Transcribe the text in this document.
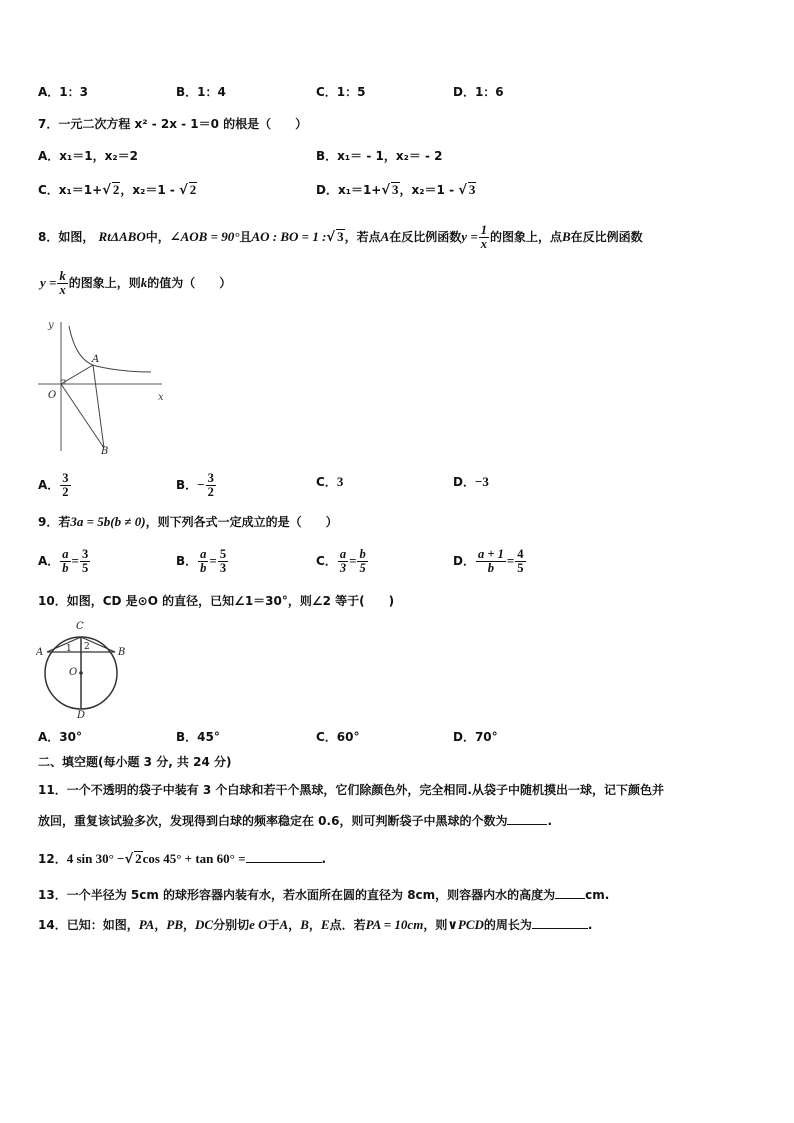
A．1：3	B．1：4	C．1：5	D．1：6
7．一元二次方程 x² - 2x - 1＝0 的根是（　　）
A．x₁＝1，x₂＝2	B．x₁＝ - 1，x₂＝ - 2
C．x₁＝1+√ 2，x₂＝1 - √ 2	D．x₁＝1+√ 3，x₂＝1 - √ 3
8．如图， RtΔABO中，∠AOB = 90°且AO : BO = 1 :√ 3，若点A在反比例函数$y = \frac{1}{x}$ 的图象上，点B在反比例函数
$y = \frac{k}{x}$ 的图象上，则k的值为（　　）
y
x
O
A
B
A． $\frac{3}{2}$	B．− $\frac{3}{2}$	C．3	D．−3
9．若3a = 5b(b ≠ 0)，则下列各式一定成立的是（　　）
A． $\frac{a}{b} = \frac{3}{5}$	B． $\frac{a}{b} = \frac{5}{3}$	C． $\frac{a}{3} = \frac{b}{5}$	D． $\frac{a + 1}{b} = \frac{4}{5}$
10．如图，CD 是⊙O 的直径，已知∠1＝30°，则∠2 等于(　　)
C
A	B
O
D
1 2
A．30°	B．45°	C．60°	D．70°
二、填空题(每小题 3 分, 共 24 分)
11．一个不透明的袋子中装有 3 个白球和若干个黑球，它们除颜色外，完全相同.从袋子中随机摸出一球，记下颜色并
放回，重复该试验多次，发现得到白球的频率稳定在 0.6，则可判断袋子中黑球的个数为	.
12．4 sin 30° −√ 2cos 45° + tan 60° =	.
13．一个半径为 5cm 的球形容器内装有水，若水面所在圆的直径为 8cm，则容器内水的高度为	cm.
14．已知：如图，PA，PB，DC分别切e O于A，B，E点．若PA = 10cm，则∨PCD的周长为	.
